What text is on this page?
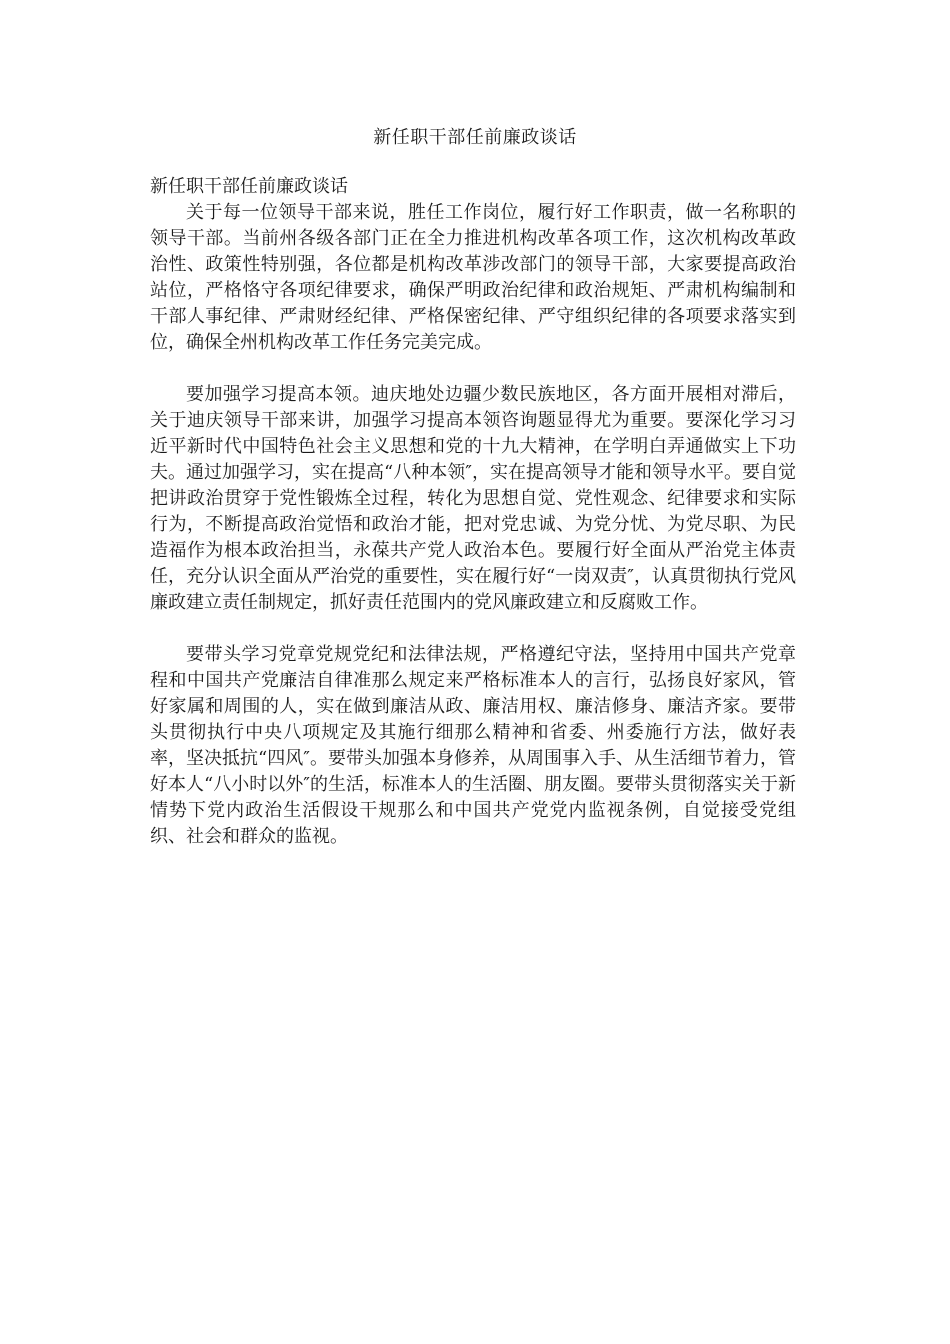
新任职干部任前廉政谈话

新任职干部任前廉政谈话

关于每一位领导干部来说，胜任工作岗位，履行好工作职责，做一名称职的领导干部。当前州各级各部门正在全力推进机构改革各项工作，这次机构改革政治性、政策性特别强，各位都是机构改革涉改部门的领导干部，大家要提高政治站位，严格恪守各项纪律要求，确保严明政治纪律和政治规矩、严肃机构编制和干部人事纪律、严肃财经纪律、严格保密纪律、严守组织纪律的各项要求落实到位，确保全州机构改革工作任务完美完成。

要加强学习提高本领。迪庆地处边疆少数民族地区，各方面开展相对滞后，关于迪庆领导干部来讲，加强学习提高本领咨询题显得尤为重要。要深化学习习近平新时代中国特色社会主义思想和党的十九大精神，在学明白弄通做实上下功夫。通过加强学习，实在提高“八种本领″，实在提高领导才能和领导水平。要自觉把讲政治贯穿于党性锻炼全过程，转化为思想自觉、党性观念、纪律要求和实际行为，不断提高政治觉悟和政治才能，把对党忠诚、为党分忧、为党尽职、为民造福作为根本政治担当，永葆共产党人政治本色。要履行好全面从严治党主体责任，充分认识全面从严治党的重要性，实在履行好“一岗双责″，认真贯彻执行党风廉政建立责任制规定，抓好责任范围内的党风廉政建立和反腐败工作。

要带头学习党章党规党纪和法律法规，严格遵纪守法，坚持用中国共产党章程和中国共产党廉洁自律准那么规定来严格标准本人的言行，弘扬良好家风，管好家属和周围的人，实在做到廉洁从政、廉洁用权、廉洁修身、廉洁齐家。要带头贯彻执行中央八项规定及其施行细那么精神和省委、州委施行方法，做好表率，坚决抵抗“四风″。要带头加强本身修养，从周围事入手、从生活细节着力，管好本人“八小时以外″的生活，标准本人的生活圈、朋友圈。要带头贯彻落实关于新情势下党内政治生活假设干规那么和中国共产党党内监视条例，自觉接受党组织、社会和群众的监视。
